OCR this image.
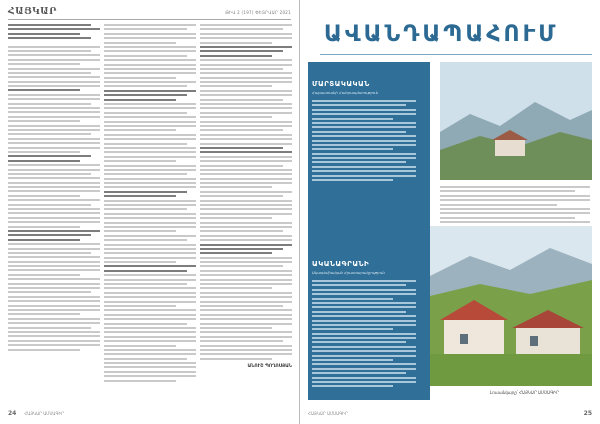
ՀԱՅԿԱՐ	ԹԻՎ 2 (197) ՓԵՏՐՎԱՐ 2021
ԱՆՈՒՇ ՊՈՂՈՍՅԱՆ
24 ՀԱՅԿԱՐ ԱՄՍԱԳԻՐ
ԱՎԱՆԴԱՊԱՀՈՒՄ
ՄԱՐՏԱԿԱԿԱՆ
Հայաստանի Հանրապետություն
ԱԿԱՆԱԳՐԱՆԻ
Ակադեմիական Հրատարակչություն
Լուսանկարը՝ ՀԱՅԿԱՐ ԱՄՍԱԳԻՐ
ՀԱՅԿԱՐ ԱՄՍԱԳԻՐ	25
